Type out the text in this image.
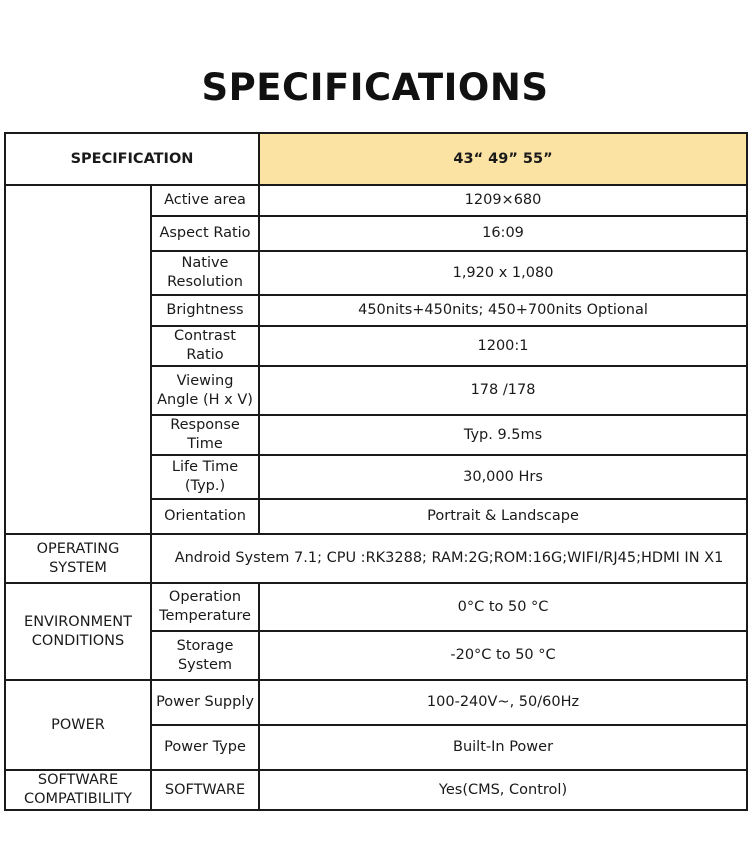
SPECIFICATIONS
SPECIFICATION		43“ 49” 55”
	Active area	1209×680
	Aspect Ratio	16:09
	Native Resolution	1,920 x 1,080
	Brightness	450nits+450nits; 450+700nits Optional
	Contrast Ratio	1200:1
	Viewing Angle (H x V)	178 /178
	Response Time	Typ. 9.5ms
	Life Time (Typ.)	30,000 Hrs
	Orientation	Portrait & Landscape
OPERATING SYSTEM	Android System 7.1; CPU :RK3288; RAM:2G;ROM:16G;WIFI/RJ45;HDMI IN X1	
ENVIRONMENT CONDITIONS	Operation Temperature	0°C to 50 °C
	Storage System	-20°C to 50 °C
POWER	Power Supply	100-240V~, 50/60Hz
	Power Type	Built-In Power
SOFTWARE COMPATIBILITY	SOFTWARE	Yes(CMS, Control)
